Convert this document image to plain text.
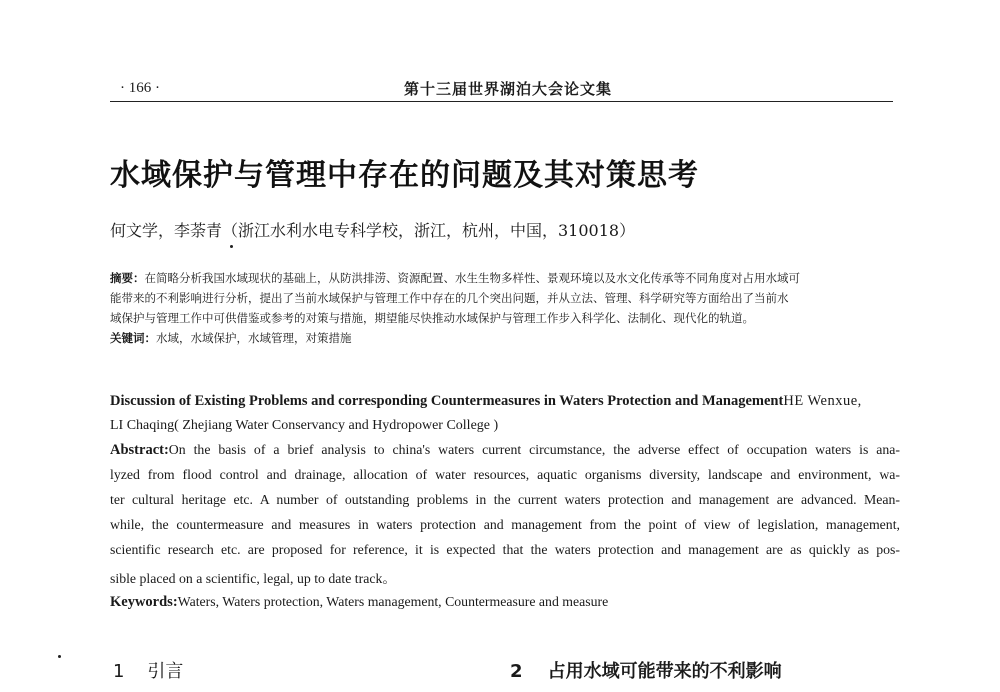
· 166 ·	第十三届世界湖泊大会论文集
水域保护与管理中存在的问题及其对策思考
何文学，李荼青（浙江水利水电专科学校，浙江，杭州，中国，310018）
摘要：在简略分析我国水域现状的基础上，从防洪排涝、资源配置、水生生物多样性、景观环境以及水文化传承等不同角度对占用水域可
能带来的不利影响进行分析，提出了当前水域保护与管理工作中存在的几个突出问题，并从立法、管理、科学研究等方面给出了当前水
域保护与管理工作中可供借鉴或参考的对策与措施，期望能尽快推动水域保护与管理工作步入科学化、法制化、现代化的轨道。
关键词：水域，水域保护，水域管理，对策措施
Discussion of Existing Problems and corresponding Countermeasures in Waters Protection and ManagementHE Wenxue,
LI Chaqing( Zhejiang Water Conservancy and Hydropower College )
Abstract:On the basis of a brief analysis to china's waters current circumstance, the adverse effect of occupation waters is ana-
lyzed from flood control and drainage, allocation of water resources, aquatic organisms diversity, landscape and environment, wa-
ter cultural heritage etc. A number of outstanding problems in the current waters protection and management are advanced. Mean-
while, the countermeasure and measures in waters protection and management from the point of view of legislation, management,
scientific research etc. are proposed for reference, it is expected that the waters protection and management are as quickly as pos-
sible placed on a scientific, legal, up to date track。
Keywords:Waters, Waters protection, Waters management, Countermeasure and measure
1 引言	2 占用水域可能带来的不利影响
